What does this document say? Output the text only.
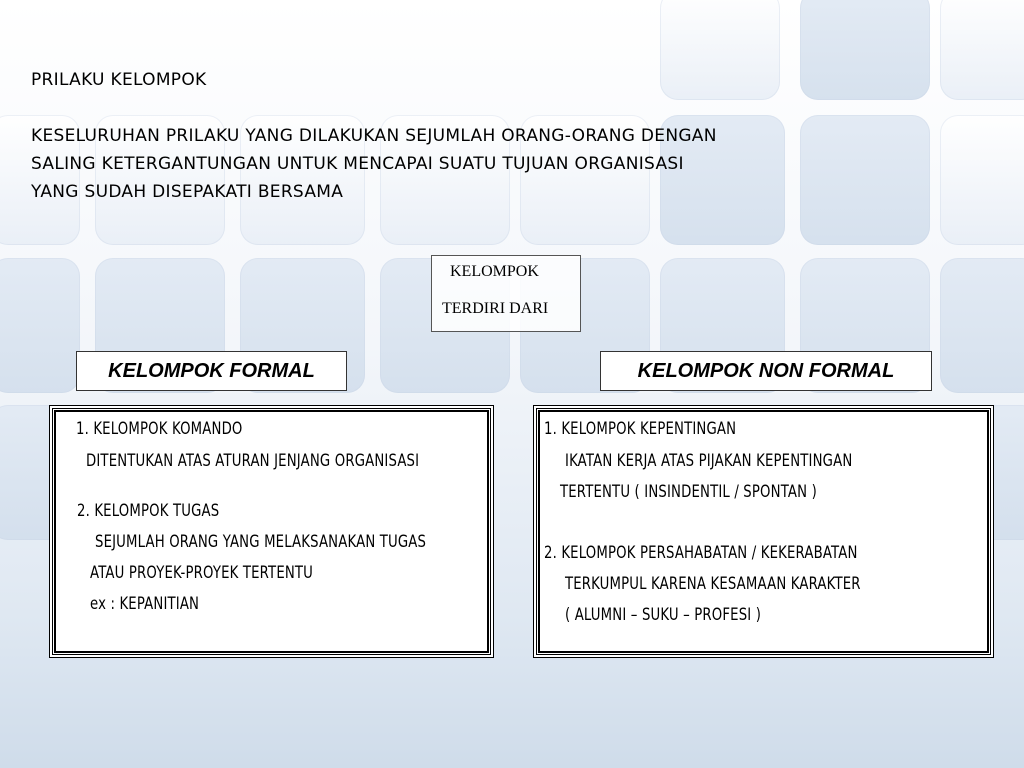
PRILAKU KELOMPOK
KESELURUHAN PRILAKU YANG DILAKUKAN SEJUMLAH ORANG-ORANG DENGAN
SALING KETERGANTUNGAN UNTUK MENCAPAI SUATU TUJUAN ORGANISASI
YANG SUDAH DISEPAKATI BERSAMA
KELOMPOK
TERDIRI DARI
KELOMPOK FORMAL	KELOMPOK NON FORMAL
1. KELOMPOK KOMANDO
DITENTUKAN ATAS ATURAN JENJANG ORGANISASI
2. KELOMPOK TUGAS
SEJUMLAH ORANG YANG MELAKSANAKAN TUGAS
ATAU PROYEK-PROYEK TERTENTU
ex : KEPANITIAN
1. KELOMPOK KEPENTINGAN
IKATAN KERJA ATAS PIJAKAN KEPENTINGAN
TERTENTU ( INSINDENTIL / SPONTAN )
2. KELOMPOK PERSAHABATAN / KEKERABATAN
TERKUMPUL KARENA KESAMAAN KARAKTER
( ALUMNI – SUKU – PROFESI )
